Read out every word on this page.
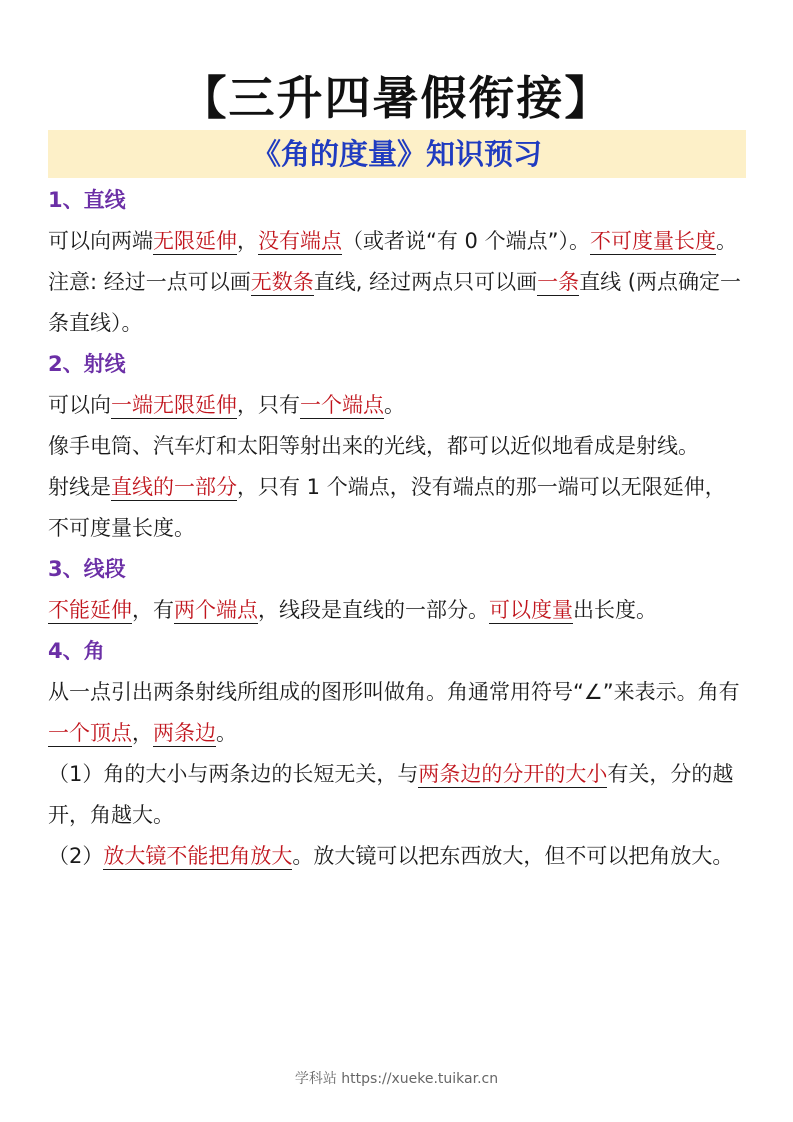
【三升四暑假衔接】
《角的度量》知识预习

1、直线

可以向两端无限延伸，没有端点（或者说“有 0 个端点”）。不可度量长度。

注意: 经过一点可以画无数条直线, 经过两点只可以画一条直线 (两点确定一条直线）。

2、射线

可以向一端无限延伸，只有一个端点。

像手电筒、汽车灯和太阳等射出来的光线，都可以近似地看成是射线。

射线是直线的一部分，只有 1 个端点，没有端点的那一端可以无限延伸，不可度量长度。

3、线段

不能延伸，有两个端点，线段是直线的一部分。可以度量出长度。

4、角

从一点引出两条射线所组成的图形叫做角。角通常用符号“∠”来表示。角有一个顶点，两条边。

（1）角的大小与两条边的长短无关，与两条边的分开的大小有关，分的越开，角越大。

（2）放大镜不能把角放大。放大镜可以把东西放大，但不可以把角放大。

学科站 https://xueke.tuikar.cn
